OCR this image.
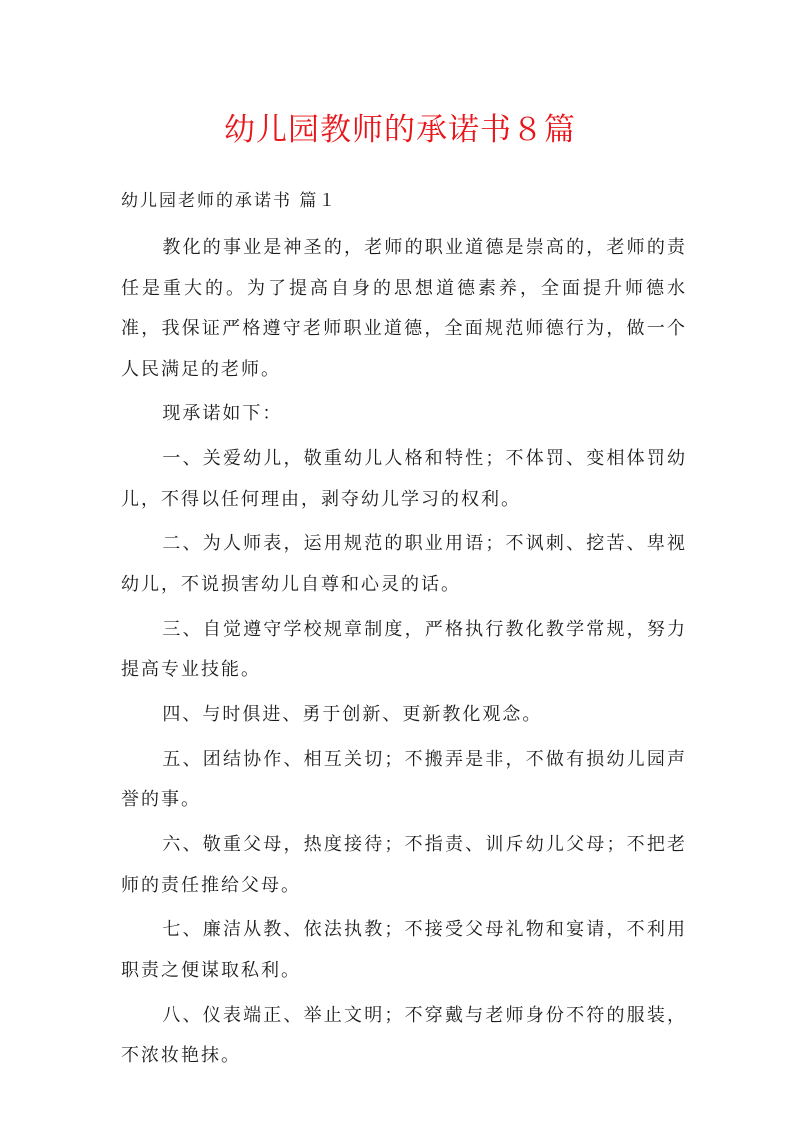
幼儿园教师的承诺书８篇

幼儿园老师的承诺书 篇１

教化的事业是神圣的，老师的职业道德是崇高的，老师的责任是重大的。为了提高自身的思想道德素养，全面提升师德水准，我保证严格遵守老师职业道德，全面规范师德行为，做一个人民满足的老师。

现承诺如下：

一、关爱幼儿，敬重幼儿人格和特性；不体罚、变相体罚幼儿，不得以任何理由，剥夺幼儿学习的权利。

二、为人师表，运用规范的职业用语；不讽刺、挖苦、卑视幼儿，不说损害幼儿自尊和心灵的话。

三、自觉遵守学校规章制度，严格执行教化教学常规，努力提高专业技能。

四、与时俱进、勇于创新、更新教化观念。

五、团结协作、相互关切；不搬弄是非，不做有损幼儿园声誉的事。

六、敬重父母，热度接待；不指责、训斥幼儿父母；不把老师的责任推给父母。

七、廉洁从教、依法执教；不接受父母礼物和宴请，不利用职责之便谋取私利。

八、仪表端正、举止文明；不穿戴与老师身份不符的服装，不浓妆艳抹。
